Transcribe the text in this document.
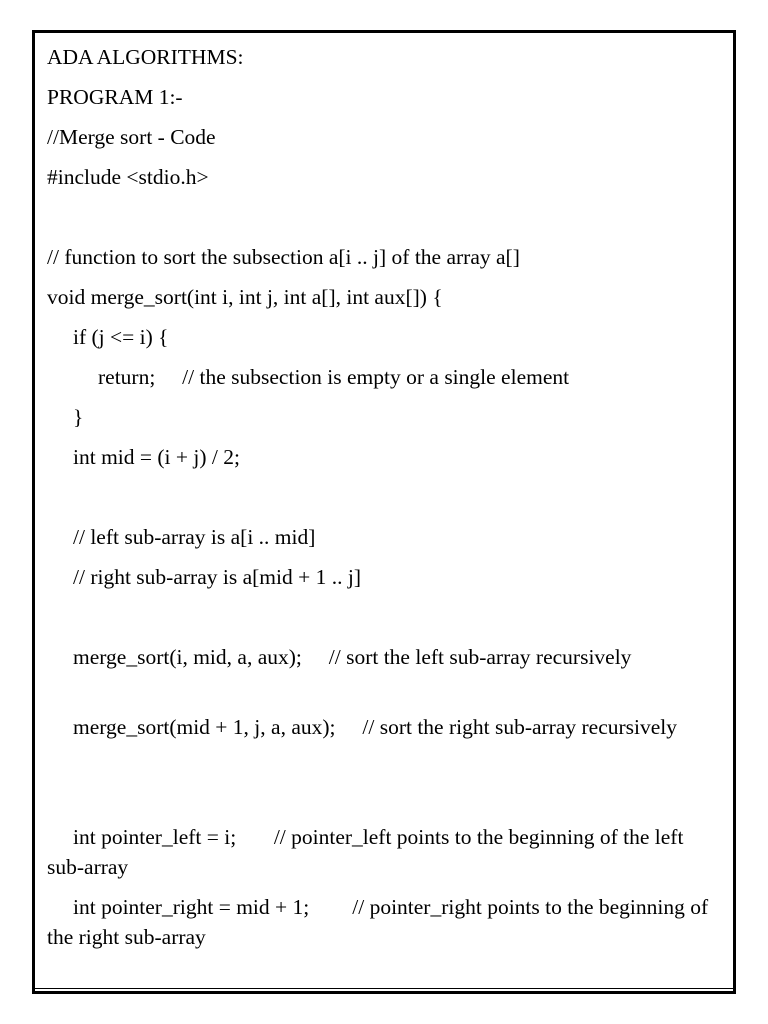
ADA ALGORITHMS:

PROGRAM 1:-

//Merge sort - Code

#include <stdio.h>

// function to sort the subsection a[i .. j] of the array a[]

void merge_sort(int i, int j, int a[], int aux[]) {

if (j <= i) {

return;     // the subsection is empty or a single element

}

int mid = (i + j) / 2;

// left sub-array is a[i .. mid]

// right sub-array is a[mid + 1 .. j]

merge_sort(i, mid, a, aux);     // sort the left sub-array recursively

merge_sort(mid + 1, j, a, aux);     // sort the right sub-array recursively

int pointer_left = i;       // pointer_left points to the beginning of the left sub-array

int pointer_right = mid + 1;        // pointer_right points to the beginning of the right sub-array
